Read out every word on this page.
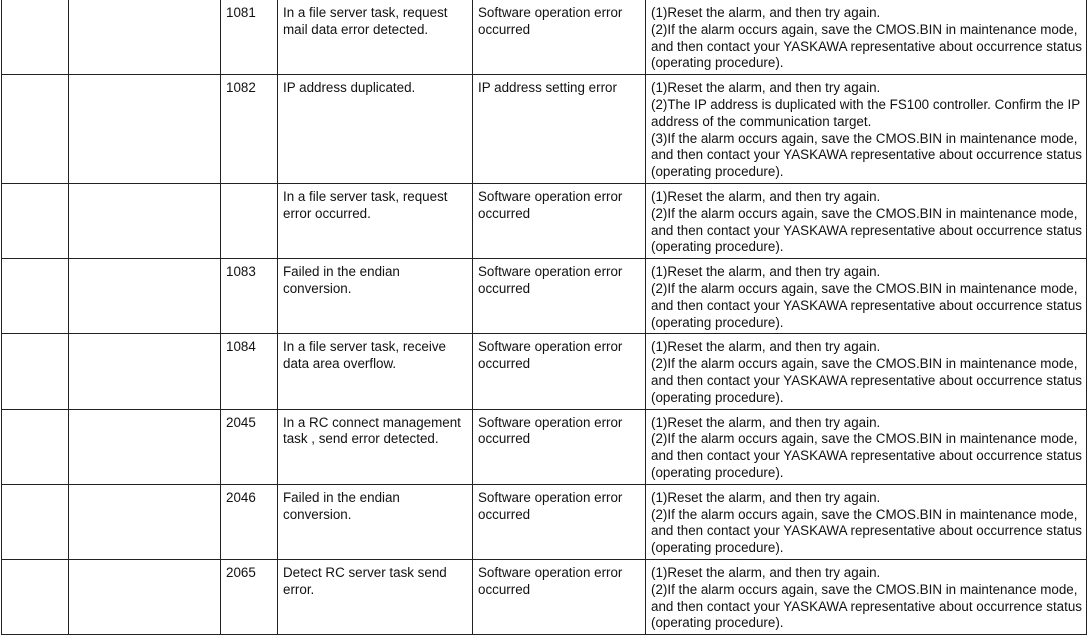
		1081	In a file server task, request mail data error detected.	Software operation error occurred	(1)Reset the alarm, and then try again.
(2)If the alarm occurs again, save the CMOS.BIN in maintenance mode, and then contact your YASKAWA representative about occurrence status (operating procedure).

		1082	IP address duplicated.	IP address setting error	(1)Reset the alarm, and then try again.
(2)The IP address is duplicated with the FS100 controller. Confirm the IP address of the communication target.
(3)If the alarm occurs again, save the CMOS.BIN in maintenance mode, and then contact your YASKAWA representative about occurrence status (operating procedure).

			In a file server task, request error occurred.	Software operation error occurred	(1)Reset the alarm, and then try again.
(2)If the alarm occurs again, save the CMOS.BIN in maintenance mode, and then contact your YASKAWA representative about occurrence status (operating procedure).

		1083	Failed in the endian conversion.	Software operation error occurred	(1)Reset the alarm, and then try again.
(2)If the alarm occurs again, save the CMOS.BIN in maintenance mode, and then contact your YASKAWA representative about occurrence status (operating procedure).

		1084	In a file server task, receive data area overflow.	Software operation error occurred	(1)Reset the alarm, and then try again.
(2)If the alarm occurs again, save the CMOS.BIN in maintenance mode, and then contact your YASKAWA representative about occurrence status (operating procedure).

		2045	In a RC connect management task , send error detected.	Software operation error occurred	(1)Reset the alarm, and then try again.
(2)If the alarm occurs again, save the CMOS.BIN in maintenance mode, and then contact your YASKAWA representative about occurrence status (operating procedure).

		2046	Failed in the endian conversion.	Software operation error occurred	(1)Reset the alarm, and then try again.
(2)If the alarm occurs again, save the CMOS.BIN in maintenance mode, and then contact your YASKAWA representative about occurrence status (operating procedure).

		2065	Detect RC server task send error.	Software operation error occurred	(1)Reset the alarm, and then try again.
(2)If the alarm occurs again, save the CMOS.BIN in maintenance mode, and then contact your YASKAWA representative about occurrence status (operating procedure).
